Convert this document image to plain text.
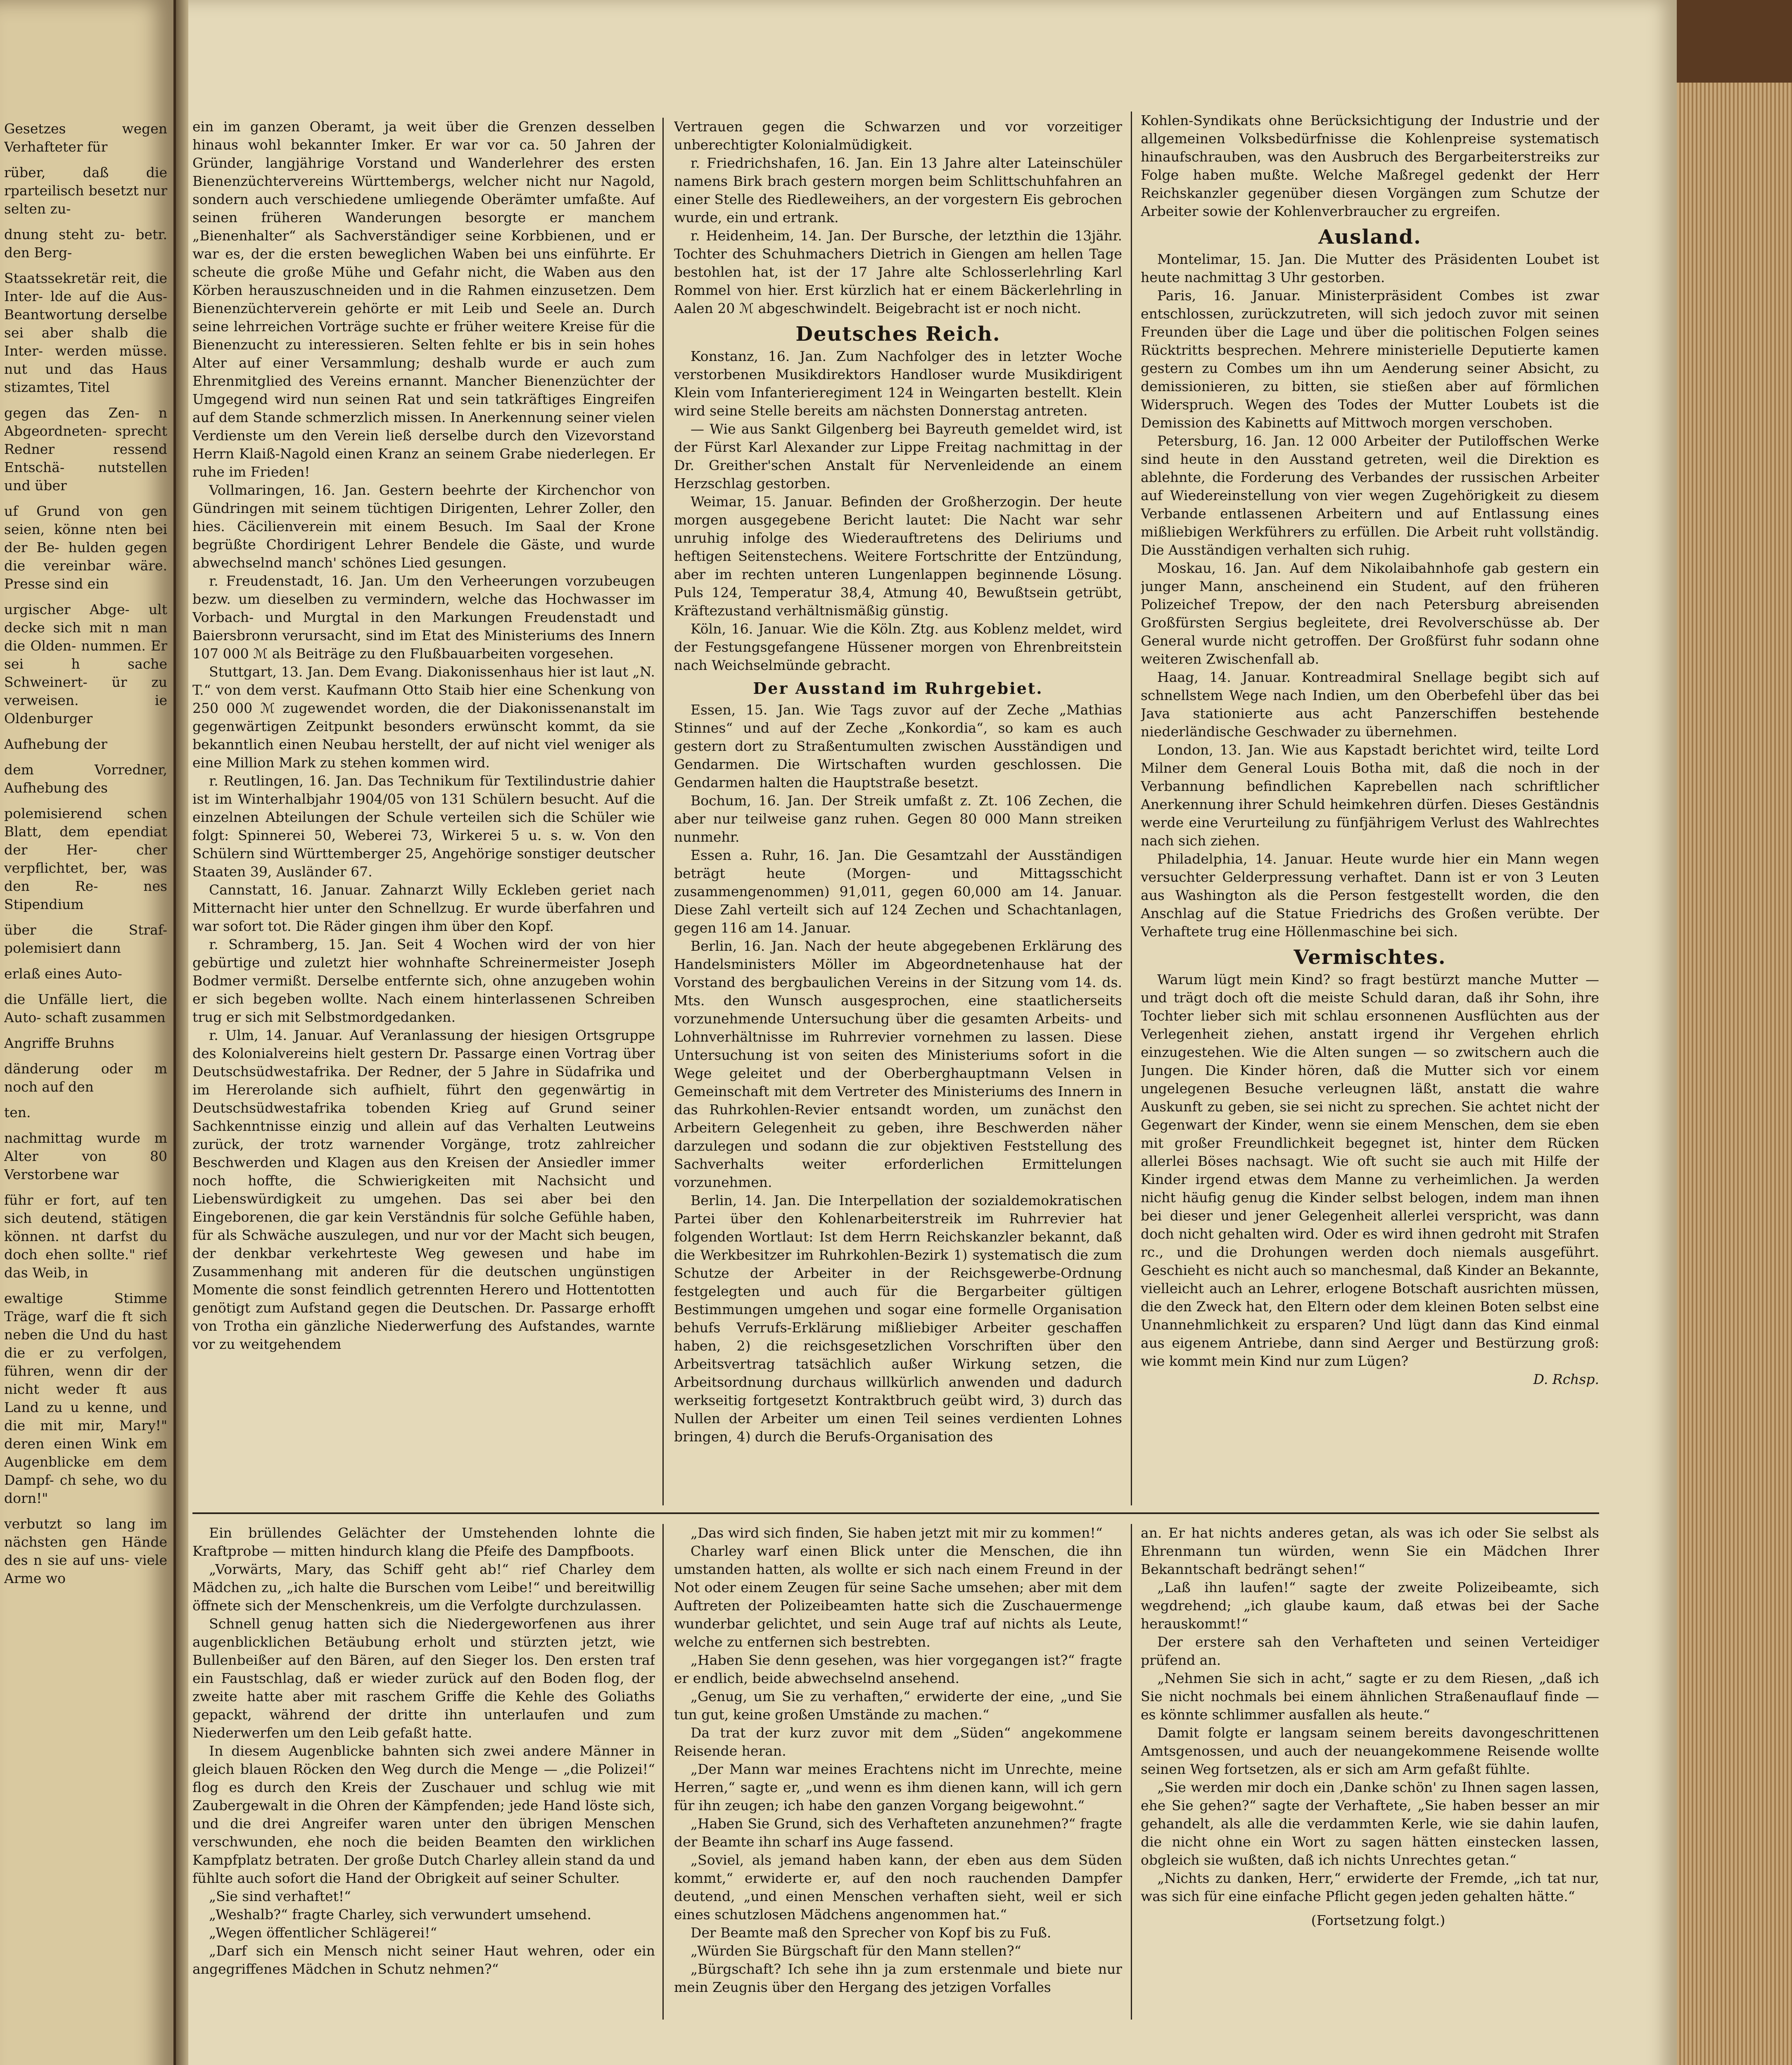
Gesetzes wegen Verhafteter für

rüber, daß die rparteilisch besetzt nur selten zu-

dnung steht zu- betr. den Berg-

Staatssekretär reit, die Inter- lde auf die Aus- Beantwortung derselbe sei aber shalb die Inter- werden müsse. nut und das Haus stizamtes, Titel

gegen das Zen- n Abgeordneten- sprecht Redner ressend Entschä- nutstellen und über

uf Grund von gen seien, könne nten bei der Be- hulden gegen die vereinbar wäre. Presse sind ein

urgischer Abge- ult decke sich mit n man die Olden- nummen. Er sei h sache Schweinert- ür zu verweisen. ie Oldenburger

Aufhebung der

dem Vorredner, Aufhebung des

polemisierend schen Blatt, dem ependiat der Her- cher verpflichtet, ber, was den Re- nes Stipendium

über die Straf- polemisiert dann

erlaß eines Auto-

die Unfälle liert, die Auto- schaft zusammen

Angriffe Bruhns

dänderung oder m noch auf den

ten.

nachmittag wurde m Alter von 80 Verstorbene war

führ er fort, auf ten sich deutend, stätigen können. nt darfst du doch ehen sollte." rief das Weib, in

ewaltige Stimme Träge, warf die ft sich neben die Und du hast die er zu verfolgen, führen, wenn dir der nicht weder ft aus Land zu u kenne, und die mit mir, Mary!" deren einen Wink em Augenblicke em dem Dampf- ch sehe, wo du dorn!"

verbutzt so lang im nächsten gen Hände des n sie auf uns- viele Arme wo

ein im ganzen Oberamt, ja weit über die Grenzen desselben hinaus wohl bekannter Imker. Er war vor ca. 50 Jahren der Gründer, langjährige Vorstand und Wanderlehrer des ersten Bienenzüchtervereins Württembergs, welcher nicht nur Nagold, sondern auch verschiedene umliegende Oberämter umfaßte. Auf seinen früheren Wanderungen besorgte er manchem „Bienenhalter“ als Sachverständiger seine Korbbienen, und er war es, der die ersten beweglichen Waben bei uns einführte. Er scheute die große Mühe und Gefahr nicht, die Waben aus den Körben herauszuschneiden und in die Rahmen einzusetzen. Dem Bienenzüchterverein gehörte er mit Leib und Seele an. Durch seine lehrreichen Vorträge suchte er früher weitere Kreise für die Bienenzucht zu interessieren. Selten fehlte er bis in sein hohes Alter auf einer Versammlung; deshalb wurde er auch zum Ehrenmitglied des Vereins ernannt. Mancher Bienenzüchter der Umgegend wird nun seinen Rat und sein tatkräftiges Eingreifen auf dem Stande schmerzlich missen. In Anerkennung seiner vielen Verdienste um den Verein ließ derselbe durch den Vizevorstand Herrn Klaiß-Nagold einen Kranz an seinem Grabe niederlegen. Er ruhe im Frieden!

Vollmaringen, 16. Jan. Gestern beehrte der Kirchenchor von Gündringen mit seinem tüchtigen Dirigenten, Lehrer Zoller, den hies. Cäcilienverein mit einem Besuch. Im Saal der Krone begrüßte Chordirigent Lehrer Bendele die Gäste, und wurde abwechselnd manch' schönes Lied gesungen.

r. Freudenstadt, 16. Jan. Um den Verheerungen vorzubeugen bezw. um dieselben zu vermindern, welche das Hochwasser im Vorbach- und Murgtal in den Markungen Freudenstadt und Baiersbronn verursacht, sind im Etat des Ministeriums des Innern 107 000 ℳ als Beiträge zu den Flußbauarbeiten vorgesehen.

Stuttgart, 13. Jan. Dem Evang. Diakonissenhaus hier ist laut „N. T.“ von dem verst. Kaufmann Otto Staib hier eine Schenkung von 250 000 ℳ zugewendet worden, die der Diakonissenanstalt im gegenwärtigen Zeitpunkt besonders erwünscht kommt, da sie bekanntlich einen Neubau herstellt, der auf nicht viel weniger als eine Million Mark zu stehen kommen wird.

r. Reutlingen, 16. Jan. Das Technikum für Textilindustrie dahier ist im Winterhalbjahr 1904/05 von 131 Schülern besucht. Auf die einzelnen Abteilungen der Schule verteilen sich die Schüler wie folgt: Spinnerei 50, Weberei 73, Wirkerei 5 u. s. w. Von den Schülern sind Württemberger 25, Angehörige sonstiger deutscher Staaten 39, Ausländer 67.

Cannstatt, 16. Januar. Zahnarzt Willy Eckleben geriet nach Mitternacht hier unter den Schnellzug. Er wurde überfahren und war sofort tot. Die Räder gingen ihm über den Kopf.

r. Schramberg, 15. Jan. Seit 4 Wochen wird der von hier gebürtige und zuletzt hier wohnhafte Schreinermeister Joseph Bodmer vermißt. Derselbe entfernte sich, ohne anzugeben wohin er sich begeben wollte. Nach einem hinterlassenen Schreiben trug er sich mit Selbstmordgedanken.

r. Ulm, 14. Januar. Auf Veranlassung der hiesigen Ortsgruppe des Kolonialvereins hielt gestern Dr. Passarge einen Vortrag über Deutschsüdwestafrika. Der Redner, der 5 Jahre in Südafrika und im Hererolande sich aufhielt, führt den gegenwärtig in Deutschsüdwestafrika tobenden Krieg auf Grund seiner Sachkenntnisse einzig und allein auf das Verhalten Leutweins zurück, der trotz warnender Vorgänge, trotz zahlreicher Beschwerden und Klagen aus den Kreisen der Ansiedler immer noch hoffte, die Schwierigkeiten mit Nachsicht und Liebenswürdigkeit zu umgehen. Das sei aber bei den Eingeborenen, die gar kein Verständnis für solche Gefühle haben, für als Schwäche auszulegen, und nur vor der Macht sich beugen, der denkbar verkehrteste Weg gewesen und habe im Zusammenhang mit anderen für die deutschen ungünstigen Momente die sonst feindlich getrennten Herero und Hottentotten genötigt zum Aufstand gegen die Deutschen. Dr. Passarge erhofft von Trotha ein gänzliche Niederwerfung des Aufstandes, warnte vor zu weitgehendem

Vertrauen gegen die Schwarzen und vor vorzeitiger unberechtigter Kolonialmüdigkeit.

r. Friedrichshafen, 16. Jan. Ein 13 Jahre alter Lateinschüler namens Birk brach gestern morgen beim Schlittschuhfahren an einer Stelle des Riedleweihers, an der vorgestern Eis gebrochen wurde, ein und ertrank.

r. Heidenheim, 14. Jan. Der Bursche, der letzthin die 13jähr. Tochter des Schuhmachers Dietrich in Giengen am hellen Tage bestohlen hat, ist der 17 Jahre alte Schlosserlehrling Karl Rommel von hier. Erst kürzlich hat er einem Bäckerlehrling in Aalen 20 ℳ abgeschwindelt. Beigebracht ist er noch nicht.

Deutsches Reich.

Konstanz, 16. Jan. Zum Nachfolger des in letzter Woche verstorbenen Musikdirektors Handloser wurde Musikdirigent Klein vom Infanterieregiment 124 in Weingarten bestellt. Klein wird seine Stelle bereits am nächsten Donnerstag antreten.

— Wie aus Sankt Gilgenberg bei Bayreuth gemeldet wird, ist der Fürst Karl Alexander zur Lippe Freitag nachmittag in der Dr. Greither'schen Anstalt für Nervenleidende an einem Herzschlag gestorben.

Weimar, 15. Januar. Befinden der Großherzogin. Der heute morgen ausgegebene Bericht lautet: Die Nacht war sehr unruhig infolge des Wiederauftretens des Deliriums und heftigen Seitenstechens. Weitere Fortschritte der Entzündung, aber im rechten unteren Lungenlappen beginnende Lösung. Puls 124, Temperatur 38,4, Atmung 40, Bewußtsein getrübt, Kräftezustand verhältnismäßig günstig.

Köln, 16. Januar. Wie die Köln. Ztg. aus Koblenz meldet, wird der Festungsgefangene Hüssener morgen von Ehrenbreitstein nach Weichselmünde gebracht.

Der Ausstand im Ruhrgebiet.

Essen, 15. Jan. Wie Tags zuvor auf der Zeche „Mathias Stinnes“ und auf der Zeche „Konkordia“, so kam es auch gestern dort zu Straßentumulten zwischen Ausständigen und Gendarmen. Die Wirtschaften wurden geschlossen. Die Gendarmen halten die Hauptstraße besetzt.

Bochum, 16. Jan. Der Streik umfaßt z. Zt. 106 Zechen, die aber nur teilweise ganz ruhen. Gegen 80 000 Mann streiken nunmehr.

Essen a. Ruhr, 16. Jan. Die Gesamtzahl der Ausständigen beträgt heute (Morgen- und Mittagsschicht zusammengenommen) 91,011, gegen 60,000 am 14. Januar. Diese Zahl verteilt sich auf 124 Zechen und Schachtanlagen, gegen 116 am 14. Januar.

Berlin, 16. Jan. Nach der heute abgegebenen Erklärung des Handelsministers Möller im Abgeordnetenhause hat der Vorstand des bergbaulichen Vereins in der Sitzung vom 14. ds. Mts. den Wunsch ausgesprochen, eine staatlicherseits vorzunehmende Untersuchung über die gesamten Arbeits- und Lohnverhältnisse im Ruhrrevier vornehmen zu lassen. Diese Untersuchung ist von seiten des Ministeriums sofort in die Wege geleitet und der Oberberghauptmann Velsen in Gemeinschaft mit dem Vertreter des Ministeriums des Innern in das Ruhrkohlen-Revier entsandt worden, um zunächst den Arbeitern Gelegenheit zu geben, ihre Beschwerden näher darzulegen und sodann die zur objektiven Feststellung des Sachverhalts weiter erforderlichen Ermittelungen vorzunehmen.

Berlin, 14. Jan. Die Interpellation der sozialdemokratischen Partei über den Kohlenarbeiterstreik im Ruhrrevier hat folgenden Wortlaut: Ist dem Herrn Reichskanzler bekannt, daß die Werkbesitzer im Ruhrkohlen-Bezirk 1) systematisch die zum Schutze der Arbeiter in der Reichsgewerbe-Ordnung festgelegten und auch für die Bergarbeiter gültigen Bestimmungen umgehen und sogar eine formelle Organisation behufs Verrufs-Erklärung mißliebiger Arbeiter geschaffen haben, 2) die reichsgesetzlichen Vorschriften über den Arbeitsvertrag tatsächlich außer Wirkung setzen, die Arbeitsordnung durchaus willkürlich anwenden und dadurch werkseitig fortgesetzt Kontraktbruch geübt wird, 3) durch das Nullen der Arbeiter um einen Teil seines verdienten Lohnes bringen, 4) durch die Berufs-Organisation des

Kohlen-Syndikats ohne Berücksichtigung der Industrie und der allgemeinen Volksbedürfnisse die Kohlenpreise systematisch hinaufschrauben, was den Ausbruch des Bergarbeiterstreiks zur Folge haben mußte. Welche Maßregel gedenkt der Herr Reichskanzler gegenüber diesen Vorgängen zum Schutze der Arbeiter sowie der Kohlenverbraucher zu ergreifen.

Ausland.

Montelimar, 15. Jan. Die Mutter des Präsidenten Loubet ist heute nachmittag 3 Uhr gestorben.

Paris, 16. Januar. Ministerpräsident Combes ist zwar entschlossen, zurückzutreten, will sich jedoch zuvor mit seinen Freunden über die Lage und über die politischen Folgen seines Rücktritts besprechen. Mehrere ministerielle Deputierte kamen gestern zu Combes um ihn um Aenderung seiner Absicht, zu demissionieren, zu bitten, sie stießen aber auf förmlichen Widerspruch. Wegen des Todes der Mutter Loubets ist die Demission des Kabinetts auf Mittwoch morgen verschoben.

Petersburg, 16. Jan. 12 000 Arbeiter der Putiloffschen Werke sind heute in den Ausstand getreten, weil die Direktion es ablehnte, die Forderung des Verbandes der russischen Arbeiter auf Wiedereinstellung von vier wegen Zugehörigkeit zu diesem Verbande entlassenen Arbeitern und auf Entlassung eines mißliebigen Werkführers zu erfüllen. Die Arbeit ruht vollständig. Die Ausständigen verhalten sich ruhig.

Moskau, 16. Jan. Auf dem Nikolaibahnhofe gab gestern ein junger Mann, anscheinend ein Student, auf den früheren Polizeichef Trepow, der den nach Petersburg abreisenden Großfürsten Sergius begleitete, drei Revolverschüsse ab. Der General wurde nicht getroffen. Der Großfürst fuhr sodann ohne weiteren Zwischenfall ab.

Haag, 14. Januar. Kontreadmiral Snellage begibt sich auf schnellstem Wege nach Indien, um den Oberbefehl über das bei Java stationierte aus acht Panzerschiffen bestehende niederländische Geschwader zu übernehmen.

London, 13. Jan. Wie aus Kapstadt berichtet wird, teilte Lord Milner dem General Louis Botha mit, daß die noch in der Verbannung befindlichen Kaprebellen nach schriftlicher Anerkennung ihrer Schuld heimkehren dürfen. Dieses Geständnis werde eine Verurteilung zu fünfjährigem Verlust des Wahlrechtes nach sich ziehen.

Philadelphia, 14. Januar. Heute wurde hier ein Mann wegen versuchter Gelderpressung verhaftet. Dann ist er von 3 Leuten aus Washington als die Person festgestellt worden, die den Anschlag auf die Statue Friedrichs des Großen verübte. Der Verhaftete trug eine Höllenmaschine bei sich.

Vermischtes.

Warum lügt mein Kind? so fragt bestürzt manche Mutter — und trägt doch oft die meiste Schuld daran, daß ihr Sohn, ihre Tochter lieber sich mit schlau ersonnenen Ausflüchten aus der Verlegenheit ziehen, anstatt irgend ihr Vergehen ehrlich einzugestehen. Wie die Alten sungen — so zwitschern auch die Jungen. Die Kinder hören, daß die Mutter sich vor einem ungelegenen Besuche verleugnen läßt, anstatt die wahre Auskunft zu geben, sie sei nicht zu sprechen. Sie achtet nicht der Gegenwart der Kinder, wenn sie einem Menschen, dem sie eben mit großer Freundlichkeit begegnet ist, hinter dem Rücken allerlei Böses nachsagt. Wie oft sucht sie auch mit Hilfe der Kinder irgend etwas dem Manne zu verheimlichen. Ja werden nicht häufig genug die Kinder selbst belogen, indem man ihnen bei dieser und jener Gelegenheit allerlei verspricht, was dann doch nicht gehalten wird. Oder es wird ihnen gedroht mit Strafen rc., und die Drohungen werden doch niemals ausgeführt. Geschieht es nicht auch so manchesmal, daß Kinder an Bekannte, vielleicht auch an Lehrer, erlogene Botschaft ausrichten müssen, die den Zweck hat, den Eltern oder dem kleinen Boten selbst eine Unannehmlichkeit zu ersparen? Und lügt dann das Kind einmal aus eigenem Antriebe, dann sind Aerger und Bestürzung groß: wie kommt mein Kind nur zum Lügen?

D. Rchsp.

Ein brüllendes Gelächter der Umstehenden lohnte die Kraftprobe — mitten hindurch klang die Pfeife des Dampfboots.

„Vorwärts, Mary, das Schiff geht ab!“ rief Charley dem Mädchen zu, „ich halte die Burschen vom Leibe!“ und bereitwillig öffnete sich der Menschenkreis, um die Verfolgte durchzulassen.

Schnell genug hatten sich die Niedergeworfenen aus ihrer augenblicklichen Betäubung erholt und stürzten jetzt, wie Bullenbeißer auf den Bären, auf den Sieger los. Den ersten traf ein Faustschlag, daß er wieder zurück auf den Boden flog, der zweite hatte aber mit raschem Griffe die Kehle des Goliaths gepackt, während der dritte ihn unterlaufen und zum Niederwerfen um den Leib gefaßt hatte.

In diesem Augenblicke bahnten sich zwei andere Männer in gleich blauen Röcken den Weg durch die Menge — „die Polizei!“ flog es durch den Kreis der Zuschauer und schlug wie mit Zaubergewalt in die Ohren der Kämpfenden; jede Hand löste sich, und die drei Angreifer waren unter den übrigen Menschen verschwunden, ehe noch die beiden Beamten den wirklichen Kampfplatz betraten. Der große Dutch Charley allein stand da und fühlte auch sofort die Hand der Obrigkeit auf seiner Schulter.

„Sie sind verhaftet!“

„Weshalb?“ fragte Charley, sich verwundert umsehend.

„Wegen öffentlicher Schlägerei!“

„Darf sich ein Mensch nicht seiner Haut wehren, oder ein angegriffenes Mädchen in Schutz nehmen?“

„Das wird sich finden, Sie haben jetzt mit mir zu kommen!“

Charley warf einen Blick unter die Menschen, die ihn umstanden hatten, als wollte er sich nach einem Freund in der Not oder einem Zeugen für seine Sache umsehen; aber mit dem Auftreten der Polizeibeamten hatte sich die Zuschauermenge wunderbar gelichtet, und sein Auge traf auf nichts als Leute, welche zu entfernen sich bestrebten.

„Haben Sie denn gesehen, was hier vorgegangen ist?“ fragte er endlich, beide abwechselnd ansehend.

„Genug, um Sie zu verhaften,“ erwiderte der eine, „und Sie tun gut, keine großen Umstände zu machen.“

Da trat der kurz zuvor mit dem „Süden“ angekommene Reisende heran.

„Der Mann war meines Erachtens nicht im Unrechte, meine Herren,“ sagte er, „und wenn es ihm dienen kann, will ich gern für ihn zeugen; ich habe den ganzen Vorgang beigewohnt.“

„Haben Sie Grund, sich des Verhafteten anzunehmen?“ fragte der Beamte ihn scharf ins Auge fassend.

„Soviel, als jemand haben kann, der eben aus dem Süden kommt,“ erwiderte er, auf den noch rauchenden Dampfer deutend, „und einen Menschen verhaften sieht, weil er sich eines schutzlosen Mädchens angenommen hat.“

Der Beamte maß den Sprecher von Kopf bis zu Fuß.

„Würden Sie Bürgschaft für den Mann stellen?“

„Bürgschaft? Ich sehe ihn ja zum erstenmale und biete nur mein Zeugnis über den Hergang des jetzigen Vorfalles

an. Er hat nichts anderes getan, als was ich oder Sie selbst als Ehrenmann tun würden, wenn Sie ein Mädchen Ihrer Bekanntschaft bedrängt sehen!“

„Laß ihn laufen!“ sagte der zweite Polizeibeamte, sich wegdrehend; „ich glaube kaum, daß etwas bei der Sache herauskommt!“

Der erstere sah den Verhafteten und seinen Verteidiger prüfend an.

„Nehmen Sie sich in acht,“ sagte er zu dem Riesen, „daß ich Sie nicht nochmals bei einem ähnlichen Straßenauflauf finde — es könnte schlimmer ausfallen als heute.“

Damit folgte er langsam seinem bereits davongeschrittenen Amtsgenossen, und auch der neuangekommene Reisende wollte seinen Weg fortsetzen, als er sich am Arm gefaßt fühlte.

„Sie werden mir doch ein ‚Danke schön' zu Ihnen sagen lassen, ehe Sie gehen?“ sagte der Verhaftete, „Sie haben besser an mir gehandelt, als alle die verdammten Kerle, wie sie dahin laufen, die nicht ohne ein Wort zu sagen hätten einstecken lassen, obgleich sie wußten, daß ich nichts Unrechtes getan.“

„Nichts zu danken, Herr,“ erwiderte der Fremde, „ich tat nur, was sich für eine einfache Pflicht gegen jeden gehalten hätte.“

(Fortsetzung folgt.)
